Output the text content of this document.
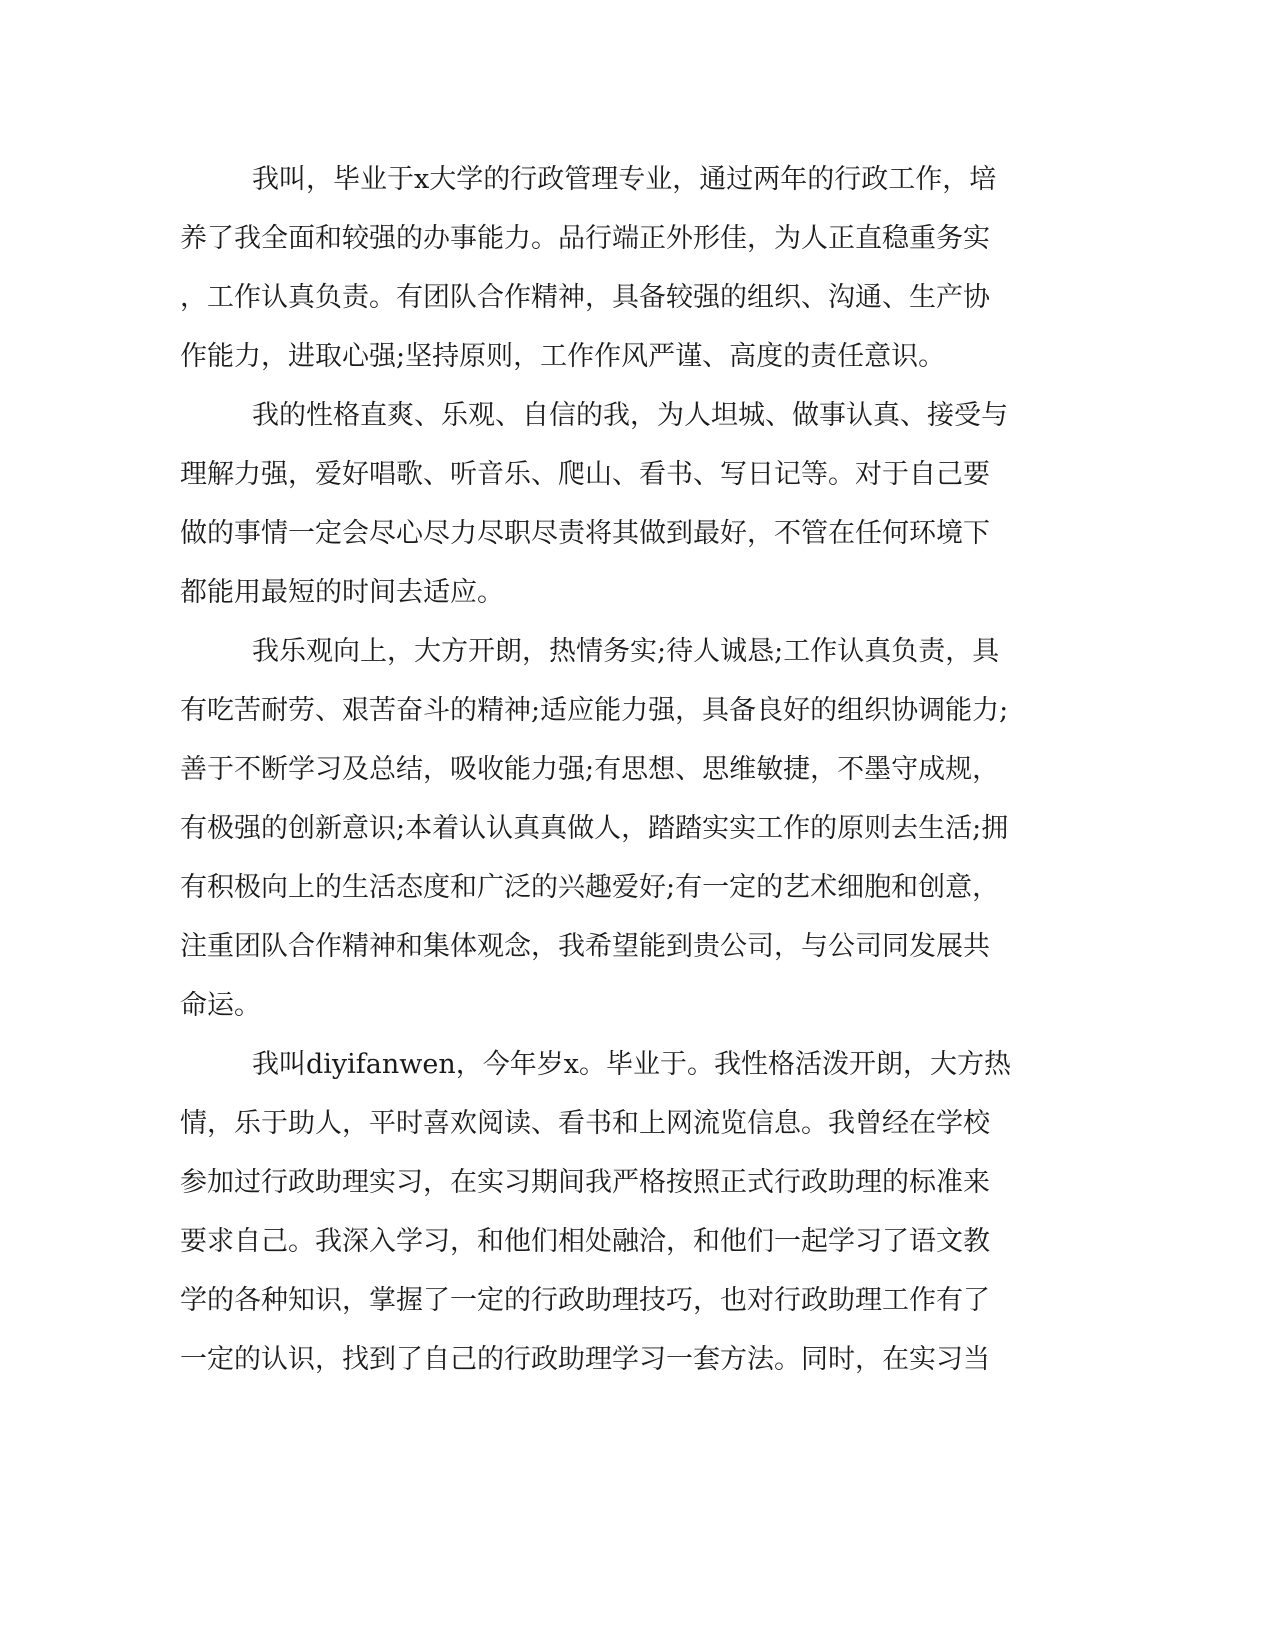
我叫，毕业于x大学的行政管理专业，通过两年的行政工作，培
养了我全面和较强的办事能力。品行端正外形佳，为人正直稳重务实
，工作认真负责。有团队合作精神，具备较强的组织、沟通、生产协
作能力，进取心强;坚持原则，工作作风严谨、高度的责任意识。
我的性格直爽、乐观、自信的我，为人坦城、做事认真、接受与
理解力强，爱好唱歌、听音乐、爬山、看书、写日记等。对于自己要
做的事情一定会尽心尽力尽职尽责将其做到最好，不管在任何环境下
都能用最短的时间去适应。
我乐观向上，大方开朗，热情务实;待人诚恳;工作认真负责，具
有吃苦耐劳、艰苦奋斗的精神;适应能力强，具备良好的组织协调能力;
善于不断学习及总结，吸收能力强;有思想、思维敏捷，不墨守成规，
有极强的创新意识;本着认认真真做人，踏踏实实工作的原则去生活;拥
有积极向上的生活态度和广泛的兴趣爱好;有一定的艺术细胞和创意，
注重团队合作精神和集体观念，我希望能到贵公司，与公司同发展共
命运。
我叫diyifanwen，今年岁x。毕业于。我性格活泼开朗，大方热
情，乐于助人，平时喜欢阅读、看书和上网流览信息。我曾经在学校
参加过行政助理实习，在实习期间我严格按照正式行政助理的标准来
要求自己。我深入学习，和他们相处融洽，和他们一起学习了语文教
学的各种知识，掌握了一定的行政助理技巧，也对行政助理工作有了
一定的认识，找到了自己的行政助理学习一套方法。同时，在实习当
